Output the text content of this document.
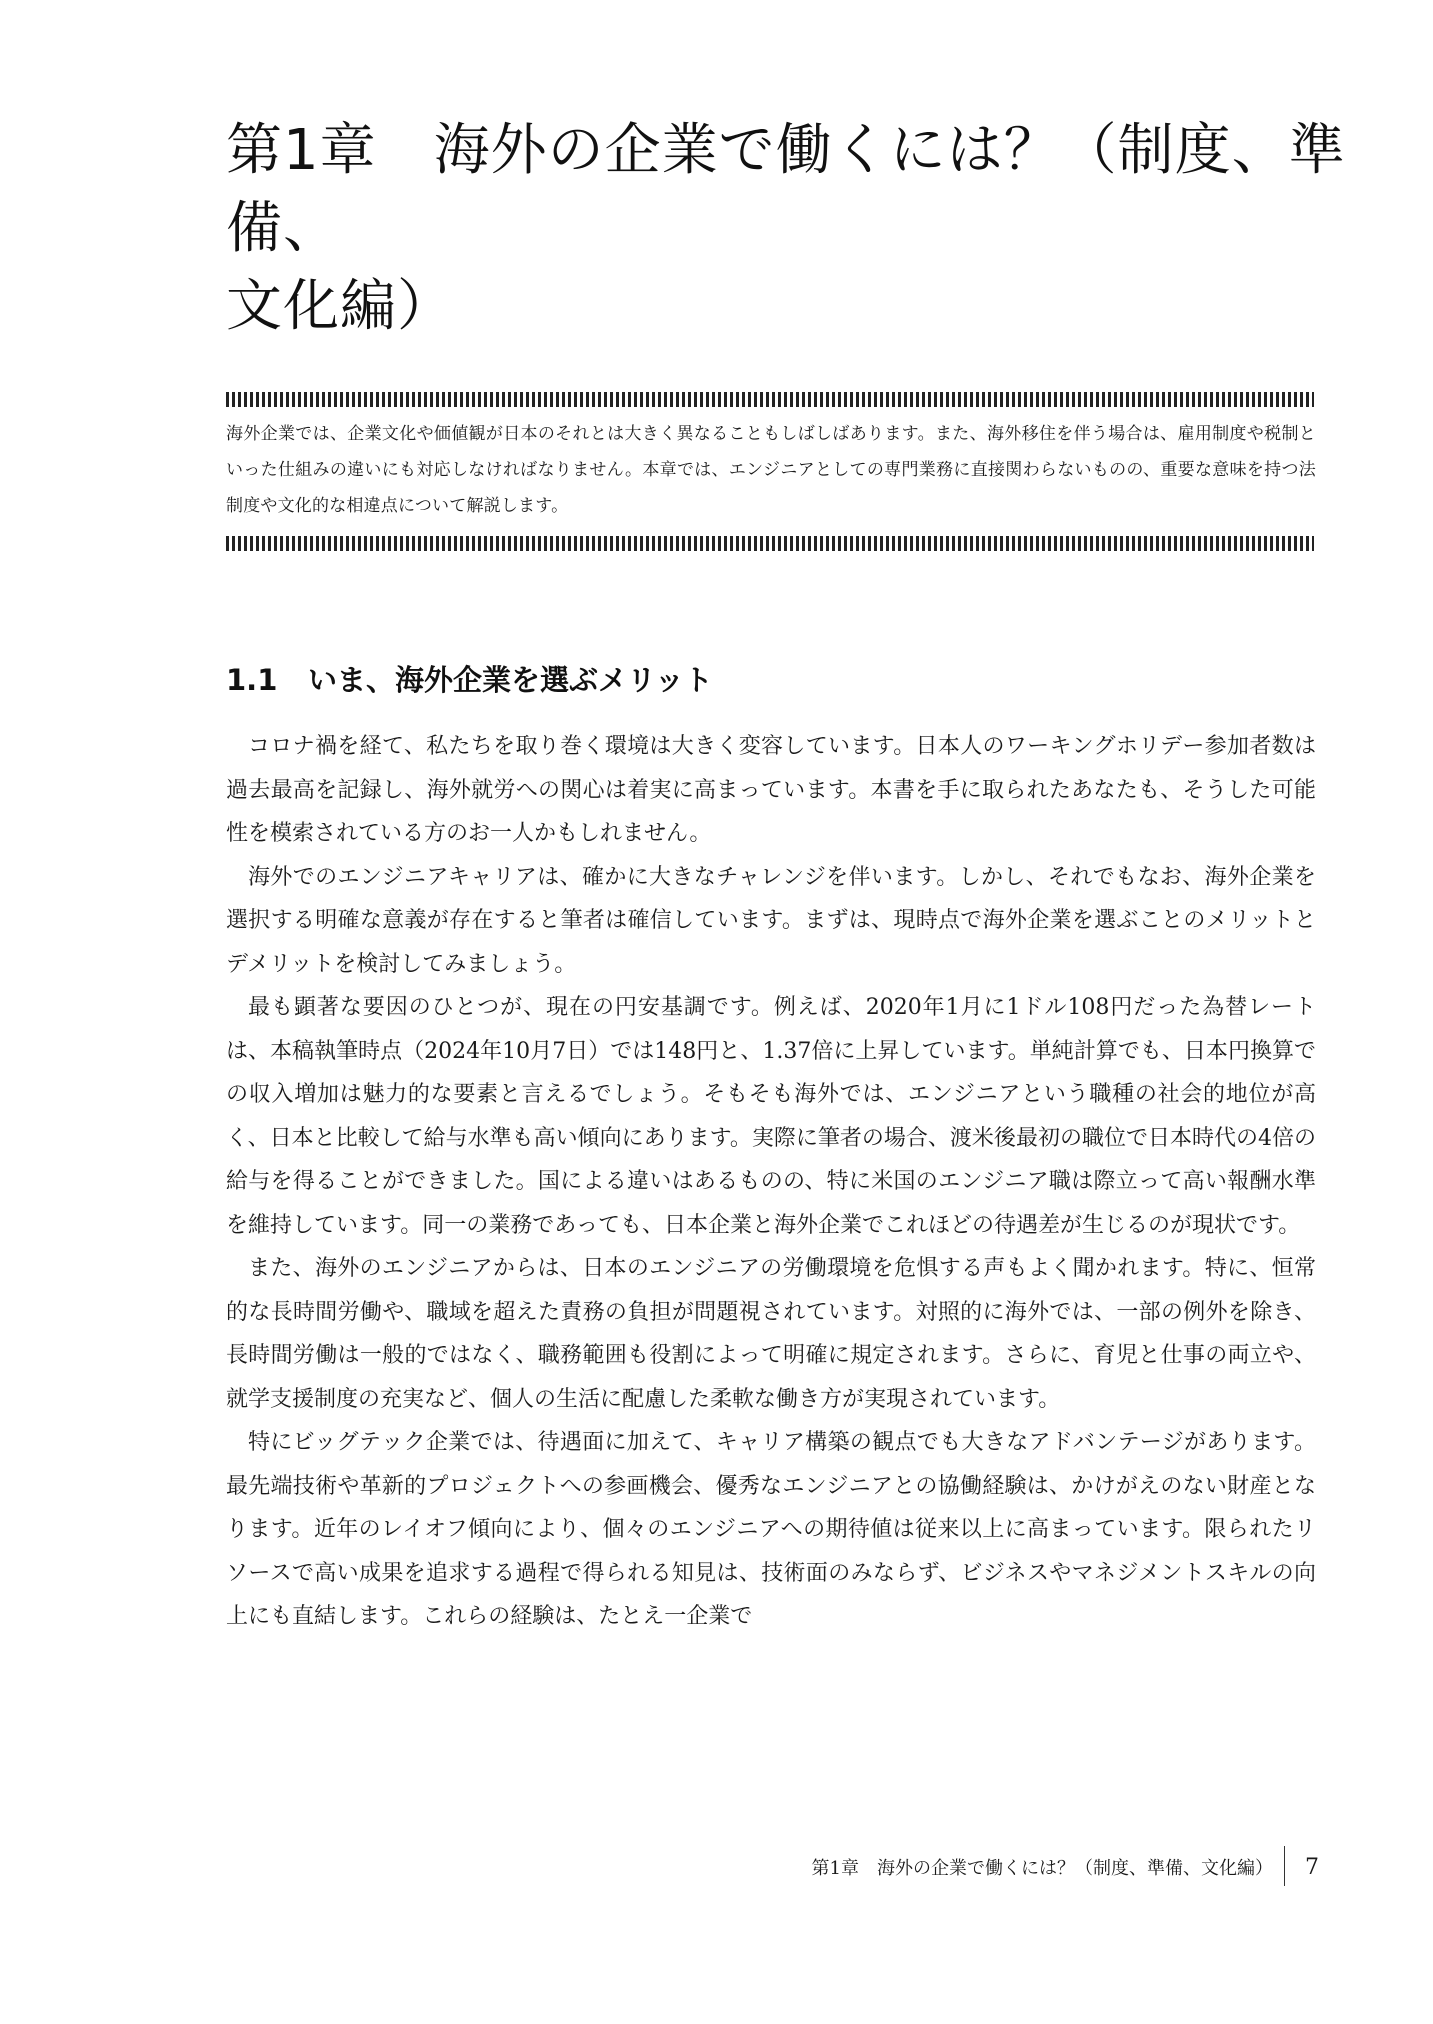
第1章　海外の企業で働くには？（制度、準備、
文化編）

海外企業では、企業文化や価値観が日本のそれとは大きく異なることもしばしばあります。また、海外移住を伴う場合は、雇用制度や税制といった仕組みの違いにも対応しなければなりません。本章では、エンジニアとしての専門業務に直接関わらないものの、重要な意味を持つ法制度や文化的な相違点について解説します。

1.1 いま、海外企業を選ぶメリット

コロナ禍を経て、私たちを取り巻く環境は大きく変容しています。日本人のワーキングホリデー参加者数は過去最高を記録し、海外就労への関心は着実に高まっています。本書を手に取られたあなたも、そうした可能性を模索されている方のお一人かもしれません。

海外でのエンジニアキャリアは、確かに大きなチャレンジを伴います。しかし、それでもなお、海外企業を選択する明確な意義が存在すると筆者は確信しています。まずは、現時点で海外企業を選ぶことのメリットとデメリットを検討してみましょう。

最も顕著な要因のひとつが、現在の円安基調です。例えば、2020年1月に1ドル108円だった為替レートは、本稿執筆時点（2024年10月7日）では148円と、1.37倍に上昇しています。単純計算でも、日本円換算での収入増加は魅力的な要素と言えるでしょう。そもそも海外では、エンジニアという職種の社会的地位が高く、日本と比較して給与水準も高い傾向にあります。実際に筆者の場合、渡米後最初の職位で日本時代の4倍の給与を得ることができました。国による違いはあるものの、特に米国のエンジニア職は際立って高い報酬水準を維持しています。同一の業務であっても、日本企業と海外企業でこれほどの待遇差が生じるのが現状です。

また、海外のエンジニアからは、日本のエンジニアの労働環境を危惧する声もよく聞かれます。特に、恒常的な長時間労働や、職域を超えた責務の負担が問題視されています。対照的に海外では、一部の例外を除き、長時間労働は一般的ではなく、職務範囲も役割によって明確に規定されます。さらに、育児と仕事の両立や、就学支援制度の充実など、個人の生活に配慮した柔軟な働き方が実現されています。

特にビッグテック企業では、待遇面に加えて、キャリア構築の観点でも大きなアドバンテージがあります。最先端技術や革新的プロジェクトへの参画機会、優秀なエンジニアとの協働経験は、かけがえのない財産となります。近年のレイオフ傾向により、個々のエンジニアへの期待値は従来以上に高まっています。限られたリソースで高い成果を追求する過程で得られる知見は、技術面のみならず、ビジネスやマネジメントスキルの向上にも直結します。これらの経験は、たとえ一企業で

第1章　海外の企業で働くには？（制度、準備、文化編） 7
